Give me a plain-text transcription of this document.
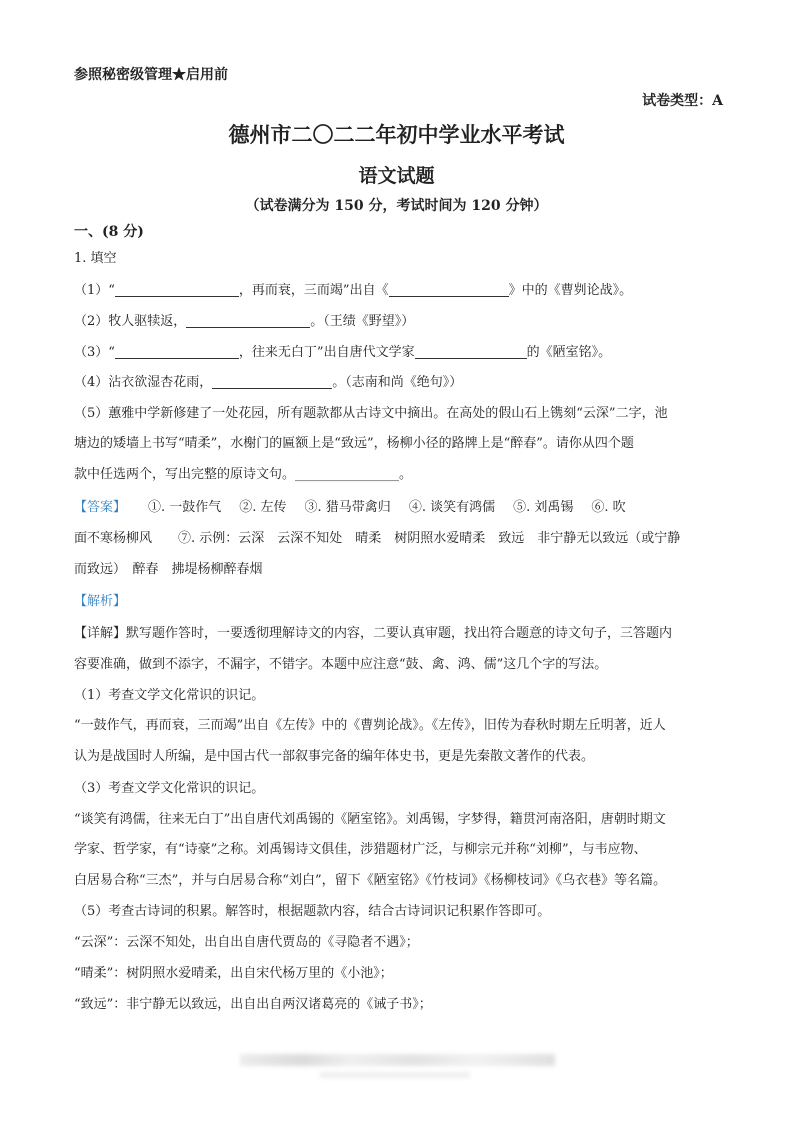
参照秘密级管理★启用前
试卷类型：A
德州市二〇二二年初中学业水平考试
语文试题
（试卷满分为 150 分，考试时间为 120 分钟）
一、(8 分)
1. 填空
（1）“	，再而衰，三而竭”出自《	》中的《曹刿论战》。
（2）牧人驱犊返，	。（王绩《野望》）
（3）“	，往来无白丁”出自唐代文学家	的《陋室铭》。
（4）沾衣欲湿杏花雨，	。（志南和尚《绝句》）
（5）蕙雅中学新修建了一处花园，所有题款都从古诗文中摘出。在高处的假山石上镌刻“云深”二字，池
塘边的矮墙上书写“晴柔”，水榭门的匾额上是“致远”，杨柳小径的路牌上是“醉春”。请你从四个题
款中任选两个，写出完整的原诗文句。________________。
【答案】 ①. 一鼓作气 ②. 左传 ③. 猎马带禽归 ④. 谈笑有鸿儒 ⑤. 刘禹锡 ⑥. 吹
面不寒杨柳风　　⑦. 示例：云深　云深不知处　晴柔　树阴照水爱晴柔　致远　非宁静无以致远（或宁静
而致远）　醉春　拂堤杨柳醉春烟
【解析】
【详解】默写题作答时，一要透彻理解诗文的内容，二要认真审题，找出符合题意的诗文句子，三答题内
容要准确，做到不添字，不漏字，不错字。本题中应注意“鼓、禽、鸿、儒”这几个字的写法。
（1）考查文学文化常识的识记。
“一鼓作气，再而衰，三而竭”出自《左传》中的《曹刿论战》。《左传》，旧传为春秋时期左丘明著，近人
认为是战国时人所编，是中国古代一部叙事完备的编年体史书，更是先秦散文著作的代表。
（3）考查文学文化常识的识记。
“谈笑有鸿儒，往来无白丁”出自唐代刘禹锡的《陋室铭》。刘禹锡，字梦得，籍贯河南洛阳，唐朝时期文
学家、哲学家，有“诗豪”之称。刘禹锡诗文俱佳，涉猎题材广泛，与柳宗元并称“刘柳”，与韦应物、
白居易合称“三杰”，并与白居易合称“刘白”，留下《陋室铭》《竹枝词》《杨柳枝词》《乌衣巷》等名篇。
（5）考查古诗词的积累。解答时，根据题款内容，结合古诗词识记积累作答即可。
“云深”：云深不知处，出自出自唐代贾岛的《寻隐者不遇》；
“晴柔”：树阴照水爱晴柔，出自宋代杨万里的《小池》；
“致远”：非宁静无以致远，出自出自两汉诸葛亮的《诫子书》；
